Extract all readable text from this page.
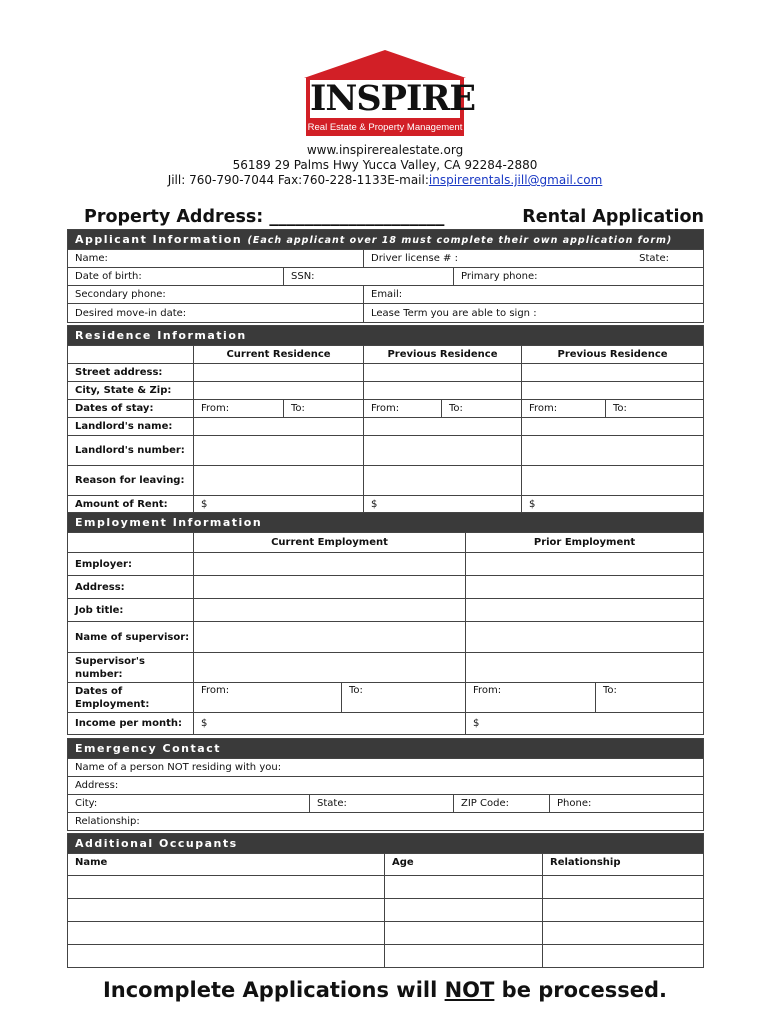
INSPIRE
Real Estate & Property Management
www.inspirerealestate.org
56189 29 Palms Hwy Yucca Valley, CA 92284-2880
Jill: 760-790-7044 Fax:760-228-1133E-mail:inspirerentals.jill@gmail.com
Property Address: ____________________	Rental Application
Applicant Information (Each applicant over 18 must complete their own application form)			
Name:		Driver license # : State:	

Date of birth:	SSN:		Primary phone:
Secondary phone:		Email:	
Desired move-in date:		Lease Term you are able to sign :	
Residence Information						
	Current Residence		Previous Residence		Previous Residence	
Street address:						
City, State & Zip:						
Dates of stay:	From:	To:	From:	To:	From:	To:
Landlord's name:						
Landlord's number:						
Reason for leaving:						
Amount of Rent:	$		$		$	
Employment Information				
	Current Employment		Prior Employment	
Employer:				
Address:				
Job title:				
Name of supervisor:				
Supervisor's number:				
Dates of Employment:	From:	To:	From:	To:
Income per month:	$		$	
Emergency Contact
Name of a person NOT residing with you:
Address:
City:	State:	ZIP Code:	Phone:
Relationship:
Additional Occupants		
Name	Age	Relationship

Incomplete Applications will NOT be processed.
